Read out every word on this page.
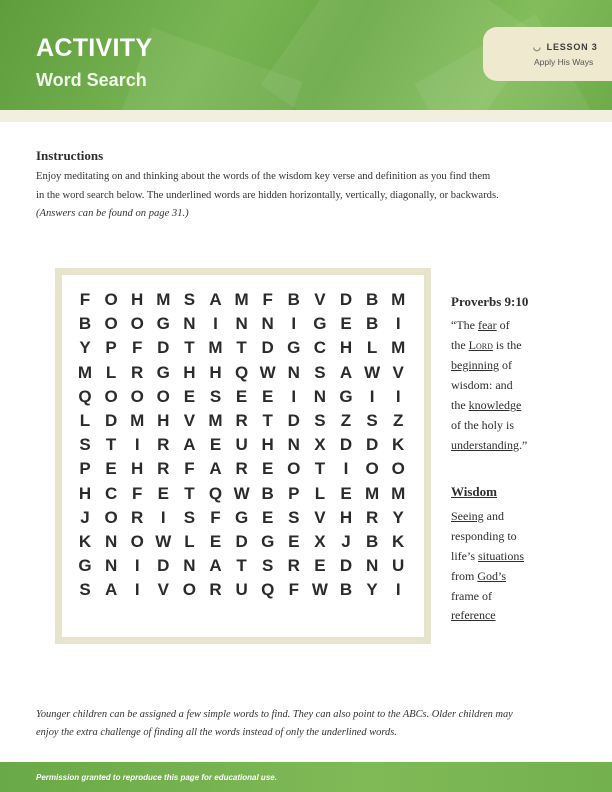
ACTIVITY
Word Search
◡ LESSON 3
Apply His Ways
Instructions
Enjoy meditating on and thinking about the words of the wisdom key verse and definition as you find them
in the word search below. The underlined words are hidden horizontally, vertically, diagonally, or backwards.
(Answers can be found on page 31.)
F O H M S A M F B V D B M
B O O G N	I	N N	I	G E B	I
Y P F D T M T D G C H L M
M L R G H H Q W N S A W V
Q O O O E S E E	I	N G	I	I
L D M H V M R T D S Z S Z
S T	I	R A E U H N X D D K
P E H R F A R E O T	I	O O
H C F E T Q W B P L E M M
J O R	I	S F G E S V H R Y
K N O W L E D G E X J B K
G N	I	D N A T S R E D N U
S A	I	V O R U Q F W B Y	I
Proverbs 9:10
“The fear of
the Lord is the
beginning of
wisdom: and
the knowledge
of the holy is
understanding.”
Wisdom
Seeing and
responding to
life’s situations
from God’s
frame of
reference
Younger children can be assigned a few simple words to find. They can also point to the ABCs. Older children may
enjoy the extra challenge of finding all the words instead of only the underlined words.
Permission granted to reproduce this page for educational use.
